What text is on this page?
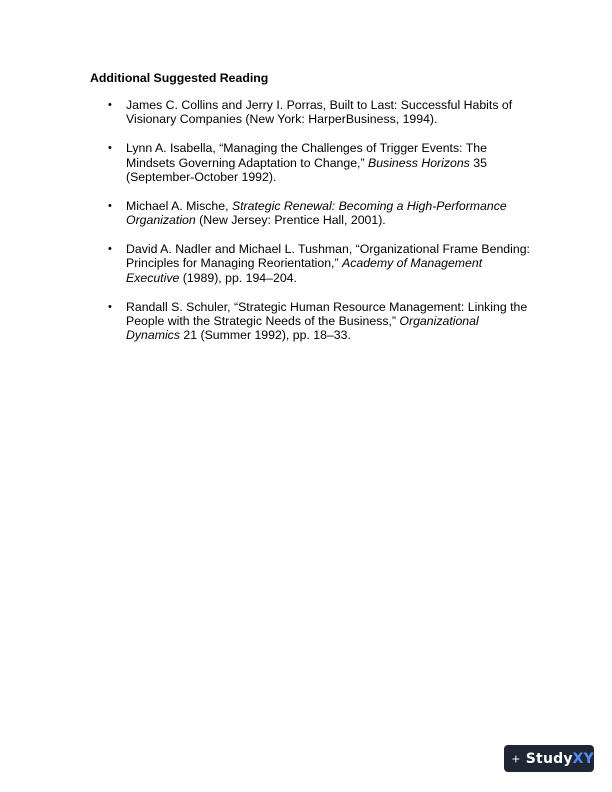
Additional Suggested Reading
• James C. Collins and Jerry I. Porras, Built to Last: Successful Habits of Visionary Companies (New York: HarperBusiness, 1994).
• Lynn A. Isabella, “Managing the Challenges of Trigger Events: The Mindsets Governing Adaptation to Change,” Business Horizons 35 (September-October 1992).
• Michael A. Mische, Strategic Renewal: Becoming a High-Performance Organization (New Jersey: Prentice Hall, 2001).
• David A. Nadler and Michael L. Tushman, “Organizational Frame Bending: Principles for Managing Reorientation,” Academy of Management Executive (1989), pp. 194–204.
• Randall S. Schuler, “Strategic Human Resource Management: Linking the People with the Strategic Needs of the Business,” Organizational Dynamics 21 (Summer 1992), pp. 18–33.
StudyXY
